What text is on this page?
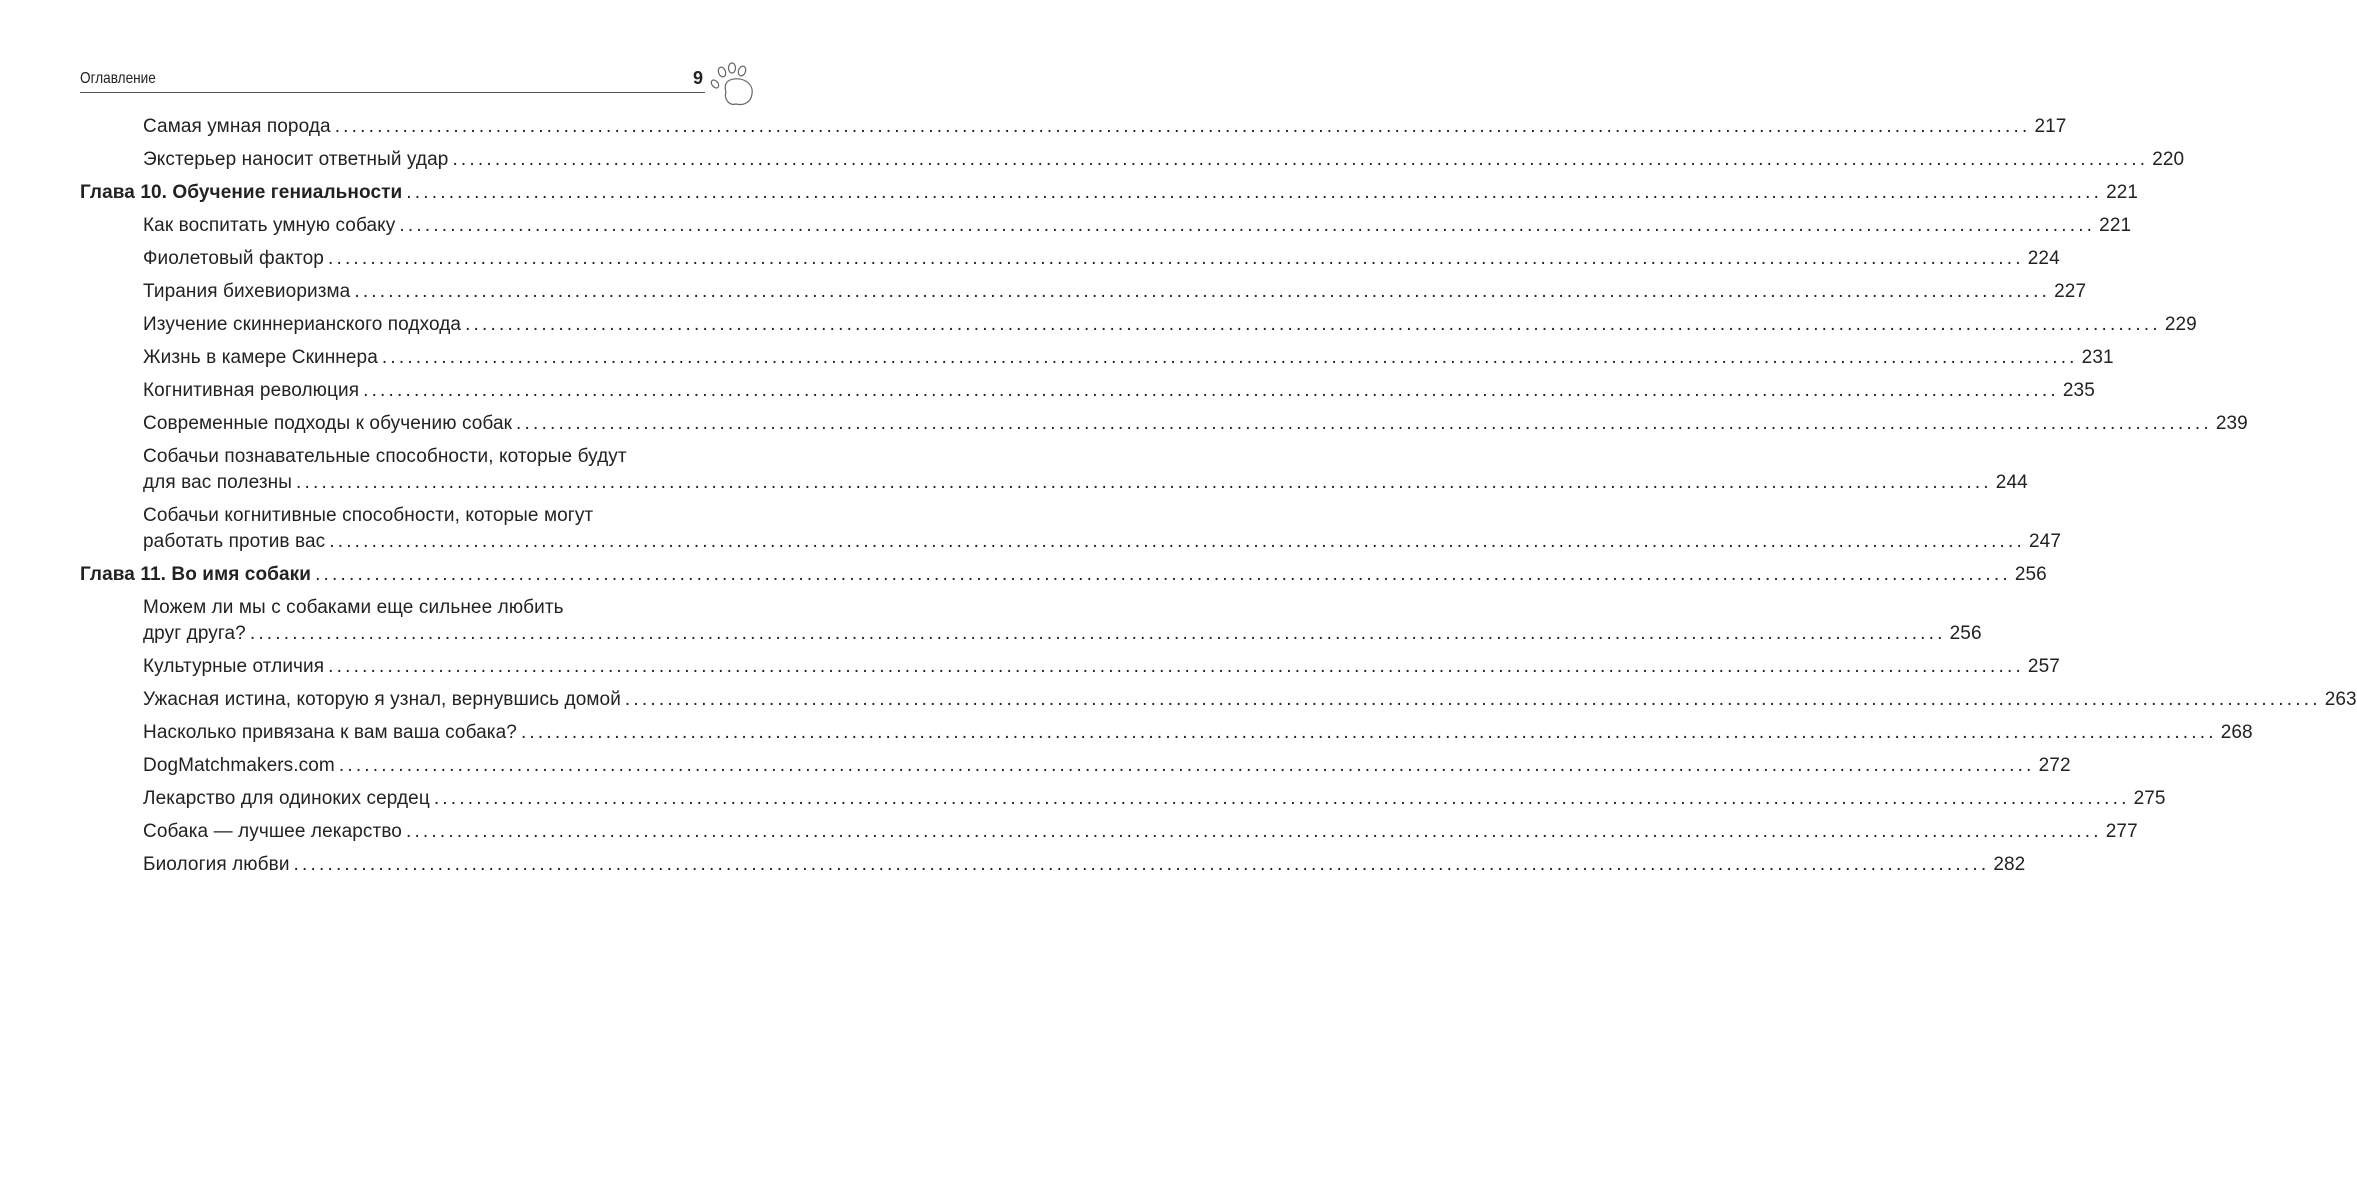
Оглавление	9
Самая умная порода ........................................................................................................................................................................................................ 217
Экстерьер наносит ответный удар ........................................................................................................................................................................................................ 220
Глава 10. Обучение гениальности ........................................................................................................................................................................................................ 221
Как воспитать умную собаку ........................................................................................................................................................................................................ 221
Фиолетовый фактор ........................................................................................................................................................................................................ 224
Тирания бихевиоризма ........................................................................................................................................................................................................ 227
Изучение скиннерианского подхода ........................................................................................................................................................................................................ 229
Жизнь в камере Скиннера ........................................................................................................................................................................................................ 231
Когнитивная революция ........................................................................................................................................................................................................ 235
Современные подходы к обучению собак ........................................................................................................................................................................................................ 239
Собачьи познавательные способности, которые будут
для вас полезны ........................................................................................................................................................................................................ 244
Собачьи когнитивные способности, которые могут
работать против вас ........................................................................................................................................................................................................ 247
Глава 11. Во имя собаки ........................................................................................................................................................................................................ 256
Можем ли мы с собаками еще сильнее любить
друг друга? ........................................................................................................................................................................................................ 256
Культурные отличия ........................................................................................................................................................................................................ 257
Ужасная истина, которую я узнал, вернувшись домой ........................................................................................................................................................................................................ 263
Насколько привязана к вам ваша собака? ........................................................................................................................................................................................................ 268
DogMatchmakers.com ........................................................................................................................................................................................................ 272
Лекарство для одиноких сердец ........................................................................................................................................................................................................ 275
Собака — лучшее лекарство ........................................................................................................................................................................................................ 277
Биология любви ........................................................................................................................................................................................................ 282
